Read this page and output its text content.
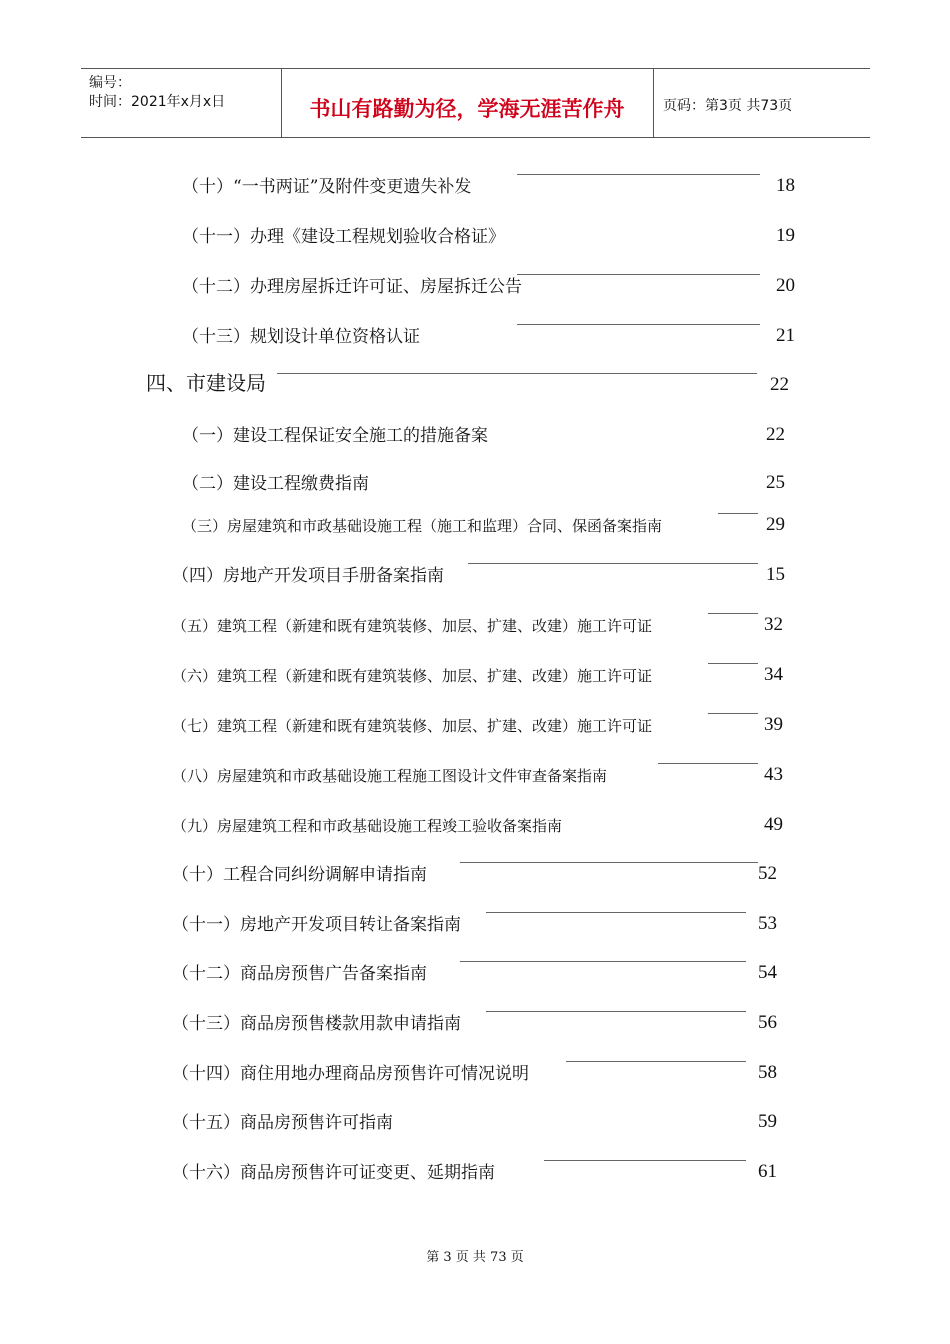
编号：
时间：2021年x月x日	书山有路勤为径，学海无涯苦作舟	页码：第3页 共73页
（十）“一书两证”及附件变更遗失补发	18
（十一）办理《建设工程规划验收合格证》	19
（十二）办理房屋拆迁许可证、房屋拆迁公告	20
（十三）规划设计单位资格认证	21
四、市建设局	22
（一）建设工程保证安全施工的措施备案	22
（二）建设工程缴费指南	25
（三）房屋建筑和市政基础设施工程（施工和监理）合同、保函备案指南	29
（四）房地产开发项目手册备案指南	15
（五）建筑工程（新建和既有建筑装修、加层、扩建、改建）施工许可证	32
（六）建筑工程（新建和既有建筑装修、加层、扩建、改建）施工许可证	34
（七）建筑工程（新建和既有建筑装修、加层、扩建、改建）施工许可证	39
（八）房屋建筑和市政基础设施工程施工图设计文件审查备案指南	43
（九）房屋建筑工程和市政基础设施工程竣工验收备案指南	49
（十）工程合同纠纷调解申请指南	52
（十一）房地产开发项目转让备案指南	53
（十二）商品房预售广告备案指南	54
（十三）商品房预售楼款用款申请指南	56
（十四）商住用地办理商品房预售许可情况说明	58
（十五）商品房预售许可指南	59
（十六）商品房预售许可证变更、延期指南	61
第 3 页 共 73 页
